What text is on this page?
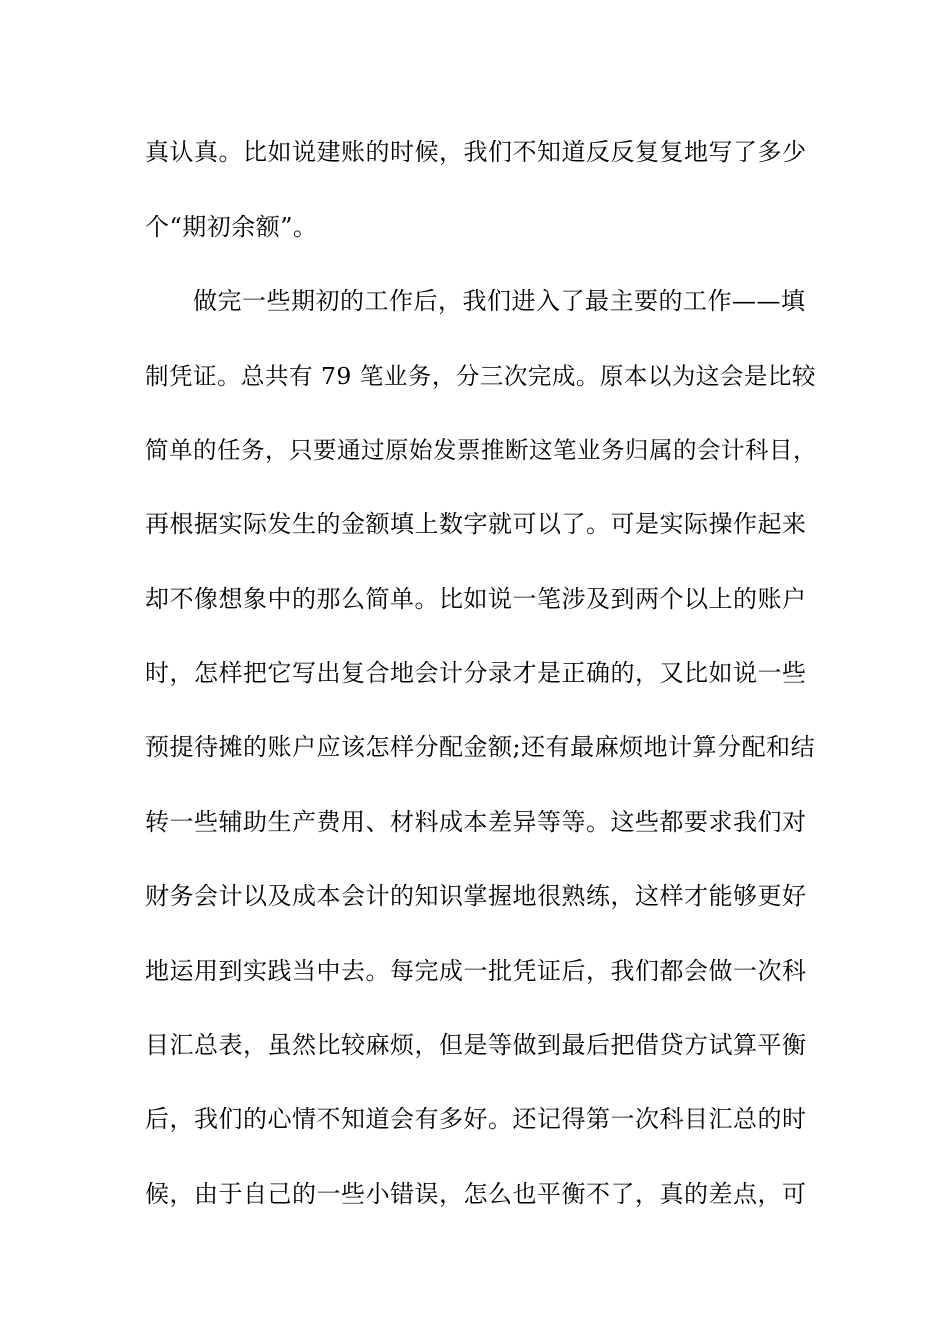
真认真。比如说建账的时候，我们不知道反反复复地写了多少
个“期初余额”。
做完一些期初的工作后，我们进入了最主要的工作——填
制凭证。总共有 79 笔业务，分三次完成。原本以为这会是比较
简单的任务，只要通过原始发票推断这笔业务归属的会计科目，
再根据实际发生的金额填上数字就可以了。可是实际操作起来
却不像想象中的那么简单。比如说一笔涉及到两个以上的账户
时，怎样把它写出复合地会计分录才是正确的，又比如说一些
预提待摊的账户应该怎样分配金额;还有最麻烦地计算分配和结
转一些辅助生产费用、材料成本差异等等。这些都要求我们对
财务会计以及成本会计的知识掌握地很熟练，这样才能够更好
地运用到实践当中去。每完成一批凭证后，我们都会做一次科
目汇总表，虽然比较麻烦，但是等做到最后把借贷方试算平衡
后，我们的心情不知道会有多好。还记得第一次科目汇总的时
候，由于自己的一些小错误，怎么也平衡不了，真的差点，可
